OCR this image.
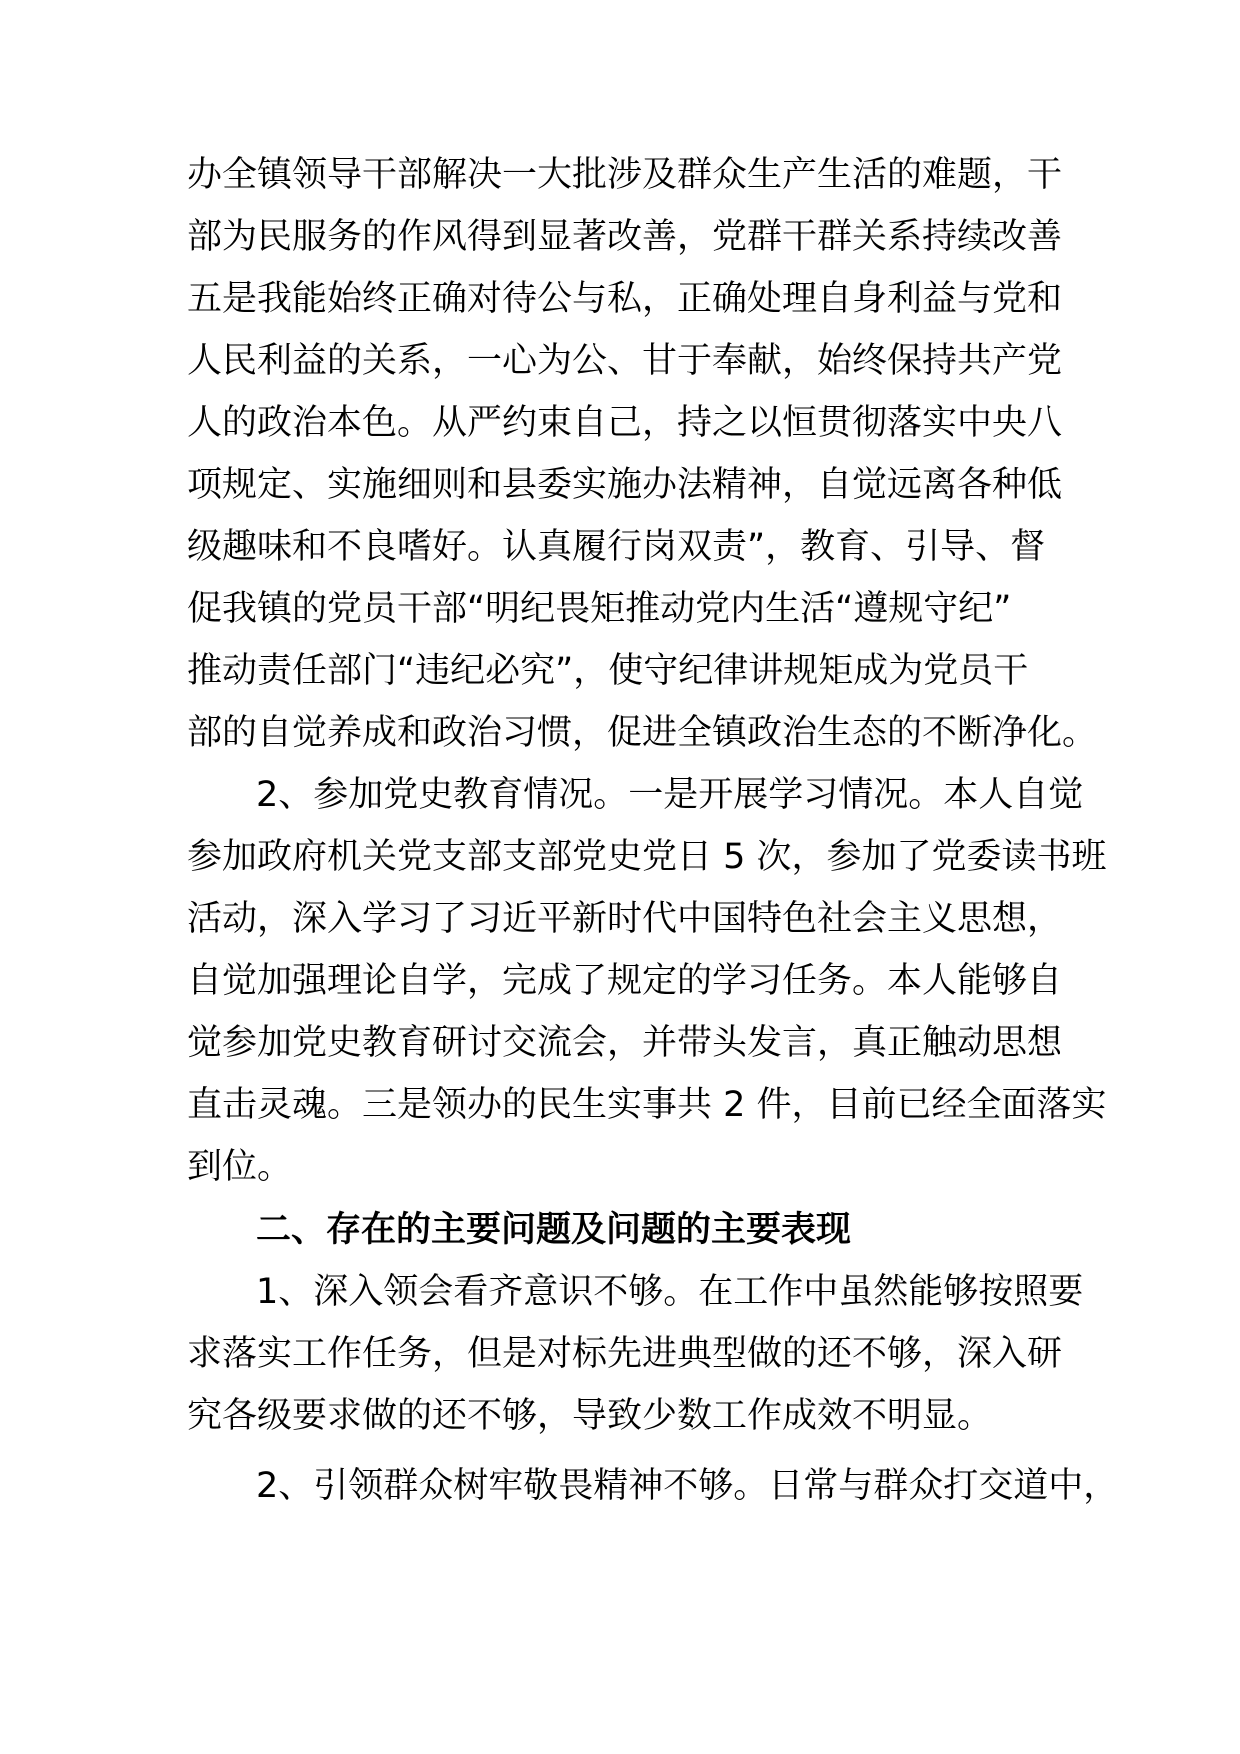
办全镇领导干部解决一大批涉及群众生产生活的难题，干
部为民服务的作风得到显著改善，党群干群关系持续改善
五是我能始终正确对待公与私，正确处理自身利益与党和
人民利益的关系，一心为公、甘于奉献，始终保持共产党
人的政治本色。从严约束自己，持之以恒贯彻落实中央八
项规定、实施细则和县委实施办法精神，自觉远离各种低
级趣味和不良嗜好。认真履行岗双责”，教育、引导、督
促我镇的党员干部“明纪畏矩推动党内生活“遵规守纪”
推动责任部门“违纪必究”，使守纪律讲规矩成为党员干
部的自觉养成和政治习惯，促进全镇政治生态的不断净化。
2、参加党史教育情况。一是开展学习情况。本人自觉
参加政府机关党支部支部党史党日 5 次，参加了党委读书班
活动，深入学习了习近平新时代中国特色社会主义思想，
自觉加强理论自学，完成了规定的学习任务。本人能够自
觉参加党史教育研讨交流会，并带头发言，真正触动思想
直击灵魂。三是领办的民生实事共 2 件，目前已经全面落实
到位。
二、存在的主要问题及问题的主要表现
1、深入领会看齐意识不够。在工作中虽然能够按照要
求落实工作任务，但是对标先进典型做的还不够，深入研
究各级要求做的还不够，导致少数工作成效不明显。
2、引领群众树牢敬畏精神不够。日常与群众打交道中，
